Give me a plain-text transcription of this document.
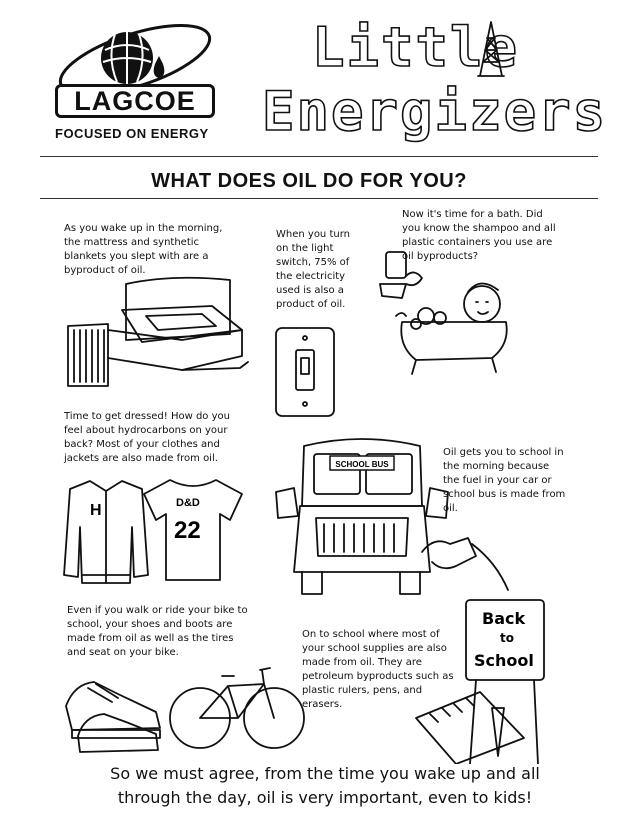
LAGCOE
FOCUSED ON ENERGY
Little
Energizers
WHAT DOES OIL DO FOR YOU?
As you wake up in the morning, the mattress and synthetic blankets you slept with are a byproduct of oil.
When you turn on the light switch, 75% of the electricity used is also a product of oil.
Now it's time for a bath. Did you know the shampoo and all plastic containers you use are oil byproducts?
Time to get dressed! How do you feel about hydrocarbons on your back? Most of your clothes and jackets are also made from oil.
Oil gets you to school in the morning because the fuel in your car or school bus is made from oil.
Even if you walk or ride your bike to school, your shoes and boots are made from oil as well as the tires and seat on your bike.
On to school where most of your school supplies are also made from oil. They are petroleum byproducts such as plastic rulers, pens, and erasers.
H	D&D
22
SCHOOL BUS
Back
to
School
So we must agree, from the time you wake up and all through the day, oil is very important, even to kids!
